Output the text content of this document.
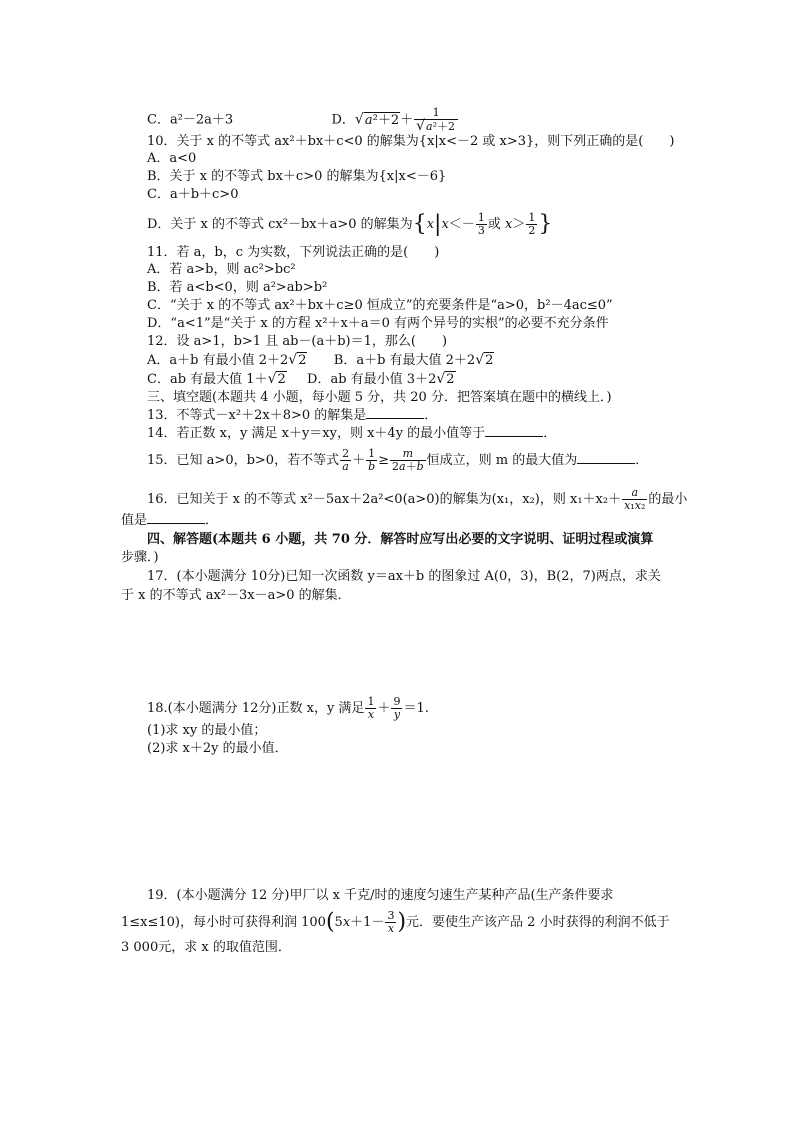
C．a²－2a＋3	D．$√a^2+2+ \frac{1}{\text{√a²＋2}}$
10．关于 x 的不等式 ax²＋bx＋c<0 的解集为{x|x<－2 或 x>3}，则下列正确的是(　　)
A．a<0
B．关于 x 的不等式 bx＋c>0 的解集为{x|x<－6}
C．a＋b＋c>0
D．关于 x 的不等式 cx²－bx＋a>0 的解集为{$x|x<- \frac{1}{3}$ 或 $x> \frac{1}{2}$ }
11．若 a，b，c 为实数，下列说法正确的是(　　)
A．若 a>b，则 ac²>bc²
B．若 a<b<0，则 a²>ab>b²
C．“关于 x 的不等式 ax²＋bx＋c≥0 恒成立”的充要条件是“a>0，b²－4ac≤0”
D．“a<1”是“关于 x 的方程 x²＋x＋a＝0 有两个异号的实根”的必要不充分条件
12．设 a>1，b>1 且 ab－(a＋b)＝1，那么(　　)
A．a＋b 有最小值 2＋2√2 B．a＋b 有最大值 2＋2√2
C．ab 有最大值 1＋√2 D．ab 有最小值 3＋2√2
三、填空题(本题共 4 小题，每小题 5 分，共 20 分．把答案填在题中的横线上．)
13．不等式－x²＋2x＋8>0 的解集是	．
14．若正数 x，y 满足 x＋y＝xy，则 x＋4y 的最小值等于	．
15．已知 a>0，b>0，若不等式 $\frac{2}{a} + \frac{1}{b} \ge \frac{m}{2a+b}$ 恒成立，则 m 的最大值为	．
16．已知关于 x 的不等式 x²－5ax＋2a²<0(a>0)的解集为(x₁，x₂)，则 $x_1+x_2+ \frac{a}{\text{x₁x₂}}$ 的最小
值是	．
四、解答题(本题共 6 小题，共 70 分．解答时应写出必要的文字说明、证明过程或演算
步骤．)
17．(本小题满分 10分)已知一次函数 y＝ax＋b 的图象过 A(0，3)，B(2，7)两点，求关
于 x 的不等式 ax²－3x－a>0 的解集．
18.(本小题满分 12分)正数 x，y 满足 $\frac{1}{x} + \frac{9}{y} =1$.
(1)求 xy 的最小值；
(2)求 x＋2y 的最小值．
19．(本小题满分 12 分)甲厂以 x 千克/时的速度匀速生产某种产品(生产条件要求
1≤x≤10)，每小时可获得利润 $100(5x+1- \frac{3}{x}$ )元．要使生产该产品 2 小时获得的利润不低于
3 000元，求 x 的取值范围．
